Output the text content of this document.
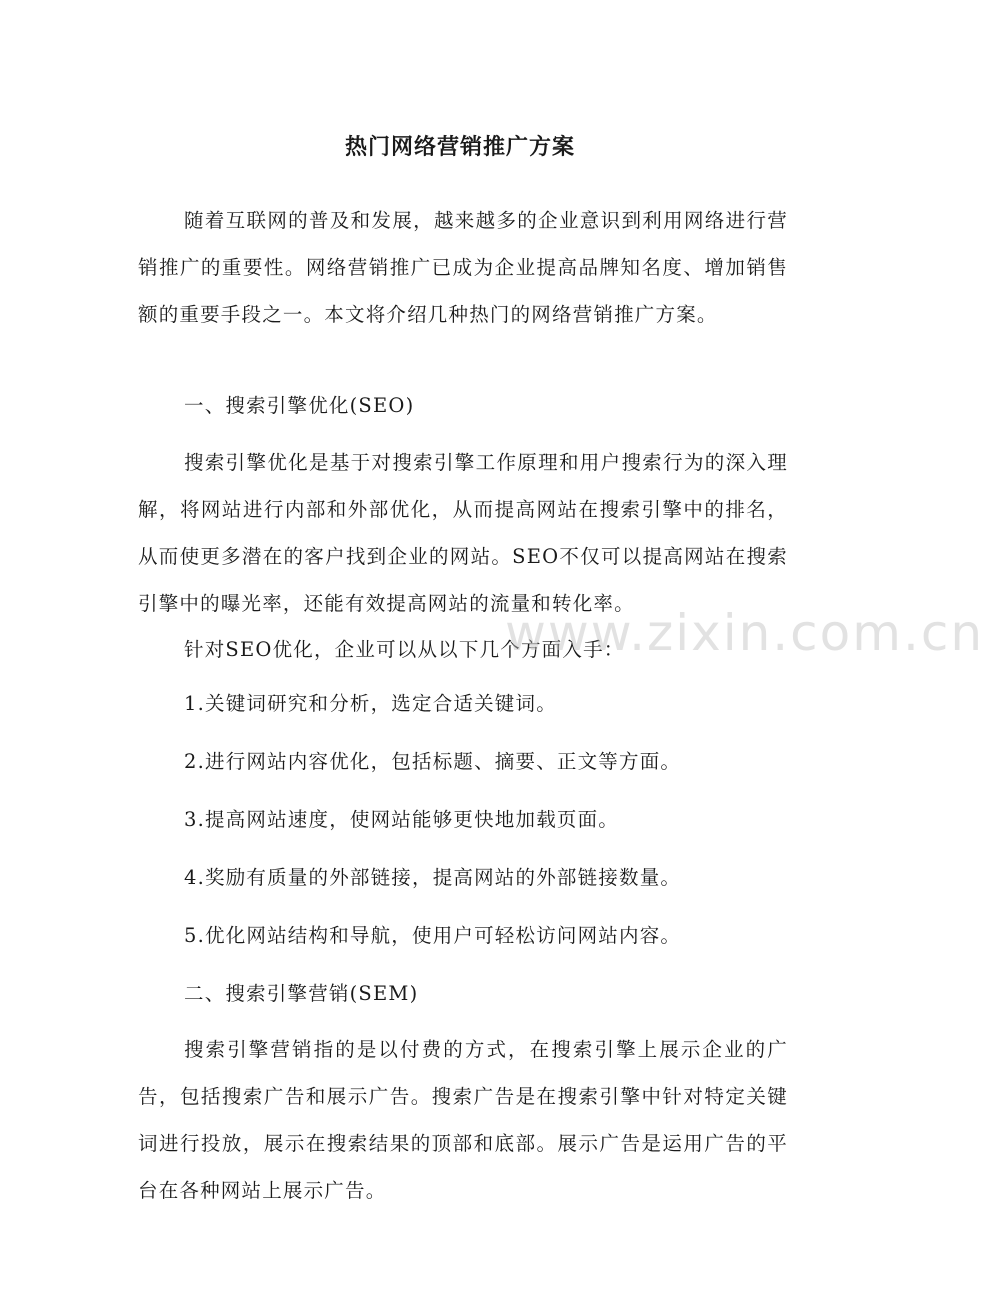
热门网络营销推广方案

随着互联网的普及和发展，越来越多的企业意识到利用网络进行营销推广的重要性。网络营销推广已成为企业提高品牌知名度、增加销售额的重要手段之一。本文将介绍几种热门的网络营销推广方案。

一、搜索引擎优化(SEO)

搜索引擎优化是基于对搜索引擎工作原理和用户搜索行为的深入理解，将网站进行内部和外部优化，从而提高网站在搜索引擎中的排名，从而使更多潜在的客户找到企业的网站。SEO不仅可以提高网站在搜索引擎中的曝光率，还能有效提高网站的流量和转化率。

针对SEO优化，企业可以从以下几个方面入手：
1.关键词研究和分析，选定合适关键词。
2.进行网站内容优化，包括标题、摘要、正文等方面。
3.提高网站速度，使网站能够更快地加载页面。
4.奖励有质量的外部链接，提高网站的外部链接数量。
5.优化网站结构和导航，使用户可轻松访问网站内容。
二、搜索引擎营销(SEM)

搜索引擎营销指的是以付费的方式，在搜索引擎上展示企业的广告，包括搜索广告和展示广告。搜索广告是在搜索引擎中针对特定关键词进行投放，展示在搜索结果的顶部和底部。展示广告是运用广告的平台在各种网站上展示广告。

www.zixin.com.cn
